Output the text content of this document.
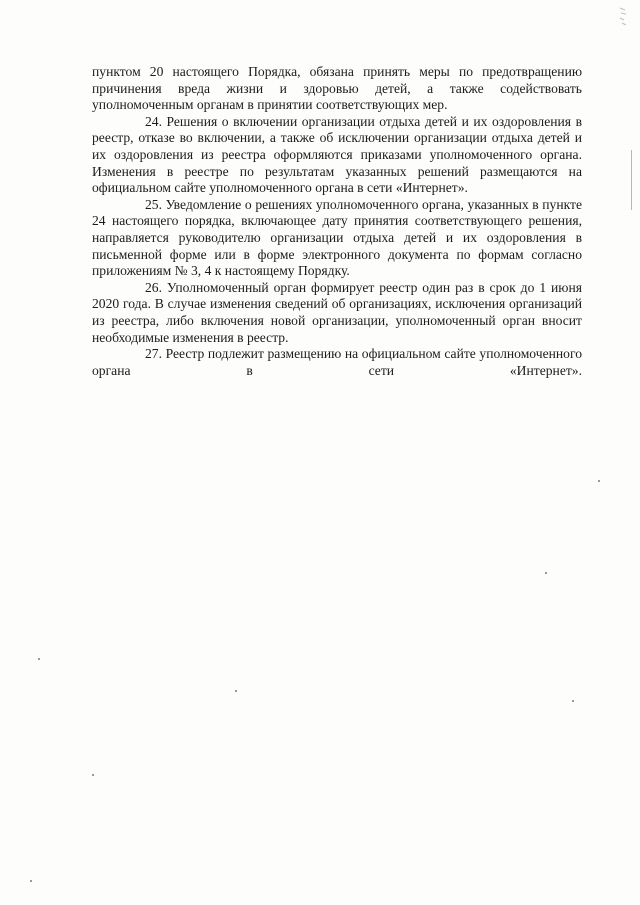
пунктом 20 настоящего Порядка, обязана принять меры по предотвращению причинения вреда жизни и здоровью детей, а также содействовать уполномоченным органам в принятии соответствующих мер.

24. Решения о включении организации отдыха детей и их оздоровления в реестр, отказе во включении, а также об исключении организации отдыха детей и их оздоровления из реестра оформляются приказами уполномоченного органа. Изменения в реестре по результатам указанных решений размещаются на официальном сайте уполномоченного органа в сети «Интернет».

25. Уведомление о решениях уполномоченного органа, указанных в пункте 24 настоящего порядка, включающее дату принятия соответствующего решения, направляется руководителю организации отдыха детей и их оздоровления в письменной форме или в форме электронного документа по формам согласно приложениям № 3, 4 к настоящему Порядку.

26. Уполномоченный орган формирует реестр один раз в срок до 1 июня 2020 года. В случае изменения сведений об организациях, исключения организаций из реестра, либо включения новой организации, уполномоченный орган вносит необходимые изменения в реестр.

27. Реестр подлежит размещению на официальном сайте уполномоченного органа в сети «Интернет».
